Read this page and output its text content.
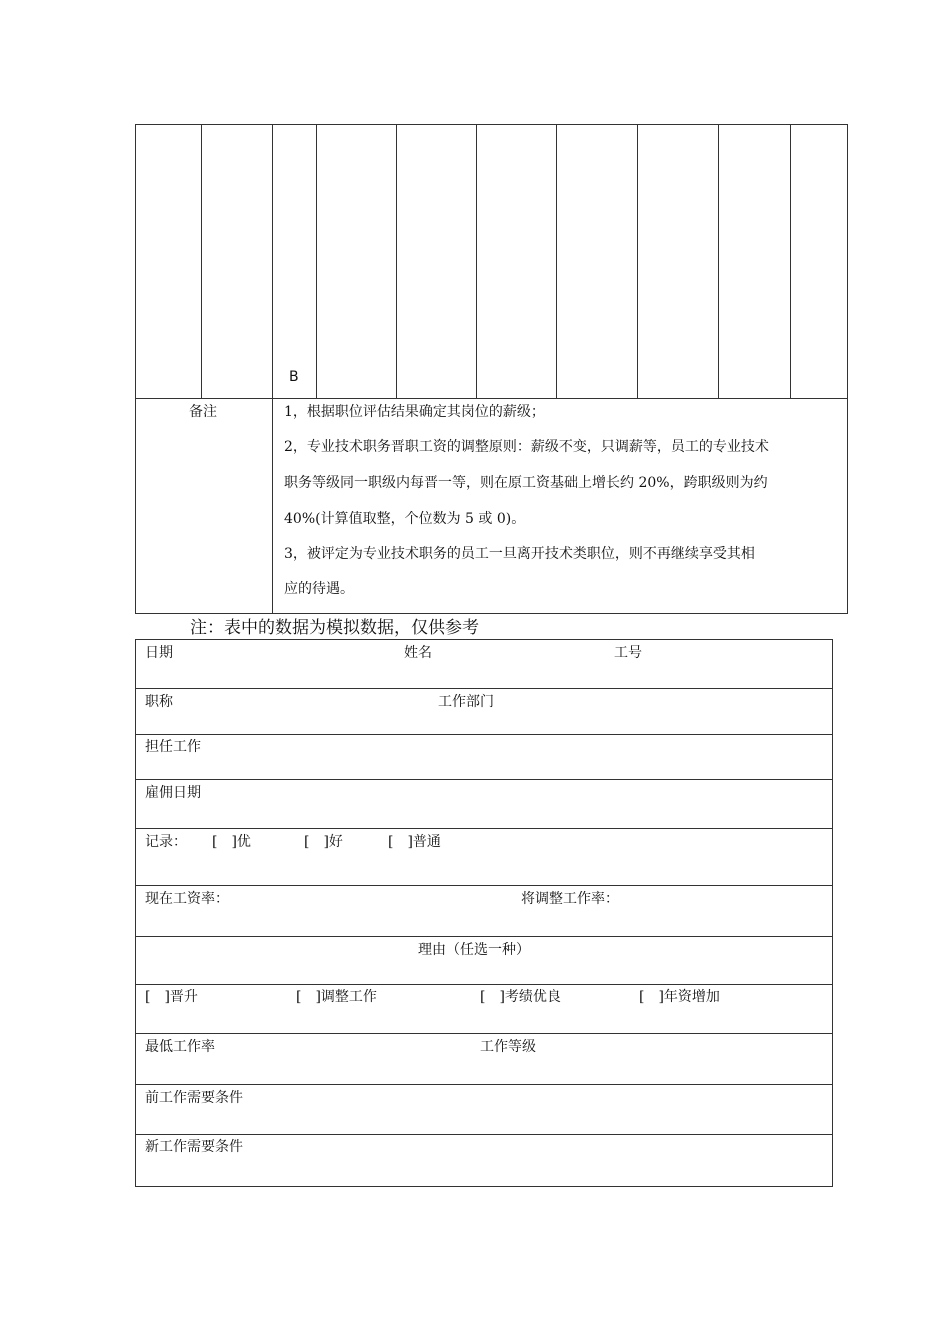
B
备注	1，根据职位评估结果确定其岗位的薪级；
2，专业技术职务晋职工资的调整原则：薪级不变，只调薪等，员工的专业技术
职务等级同一职级内每晋一等，则在原工资基础上增长约 20%，跨职级则为约
40%(计算值取整，个位数为 5 或 0)。
3，被评定为专业技术职务的员工一旦离开技术类职位，则不再继续享受其相
应的待遇。
注：表中的数据为模拟数据，仅供参考
日期	姓名	工号
职称	工作部门
担任工作
雇佣日期
记录： [　]优	[　]好	[　]普通
现在工资率：	将调整工作率：
理由（任选一种）
[　]晋升	[　]调整工作	[　]考绩优良	[　]年资增加
最低工作率	工作等级
前工作需要条件
新工作需要条件
